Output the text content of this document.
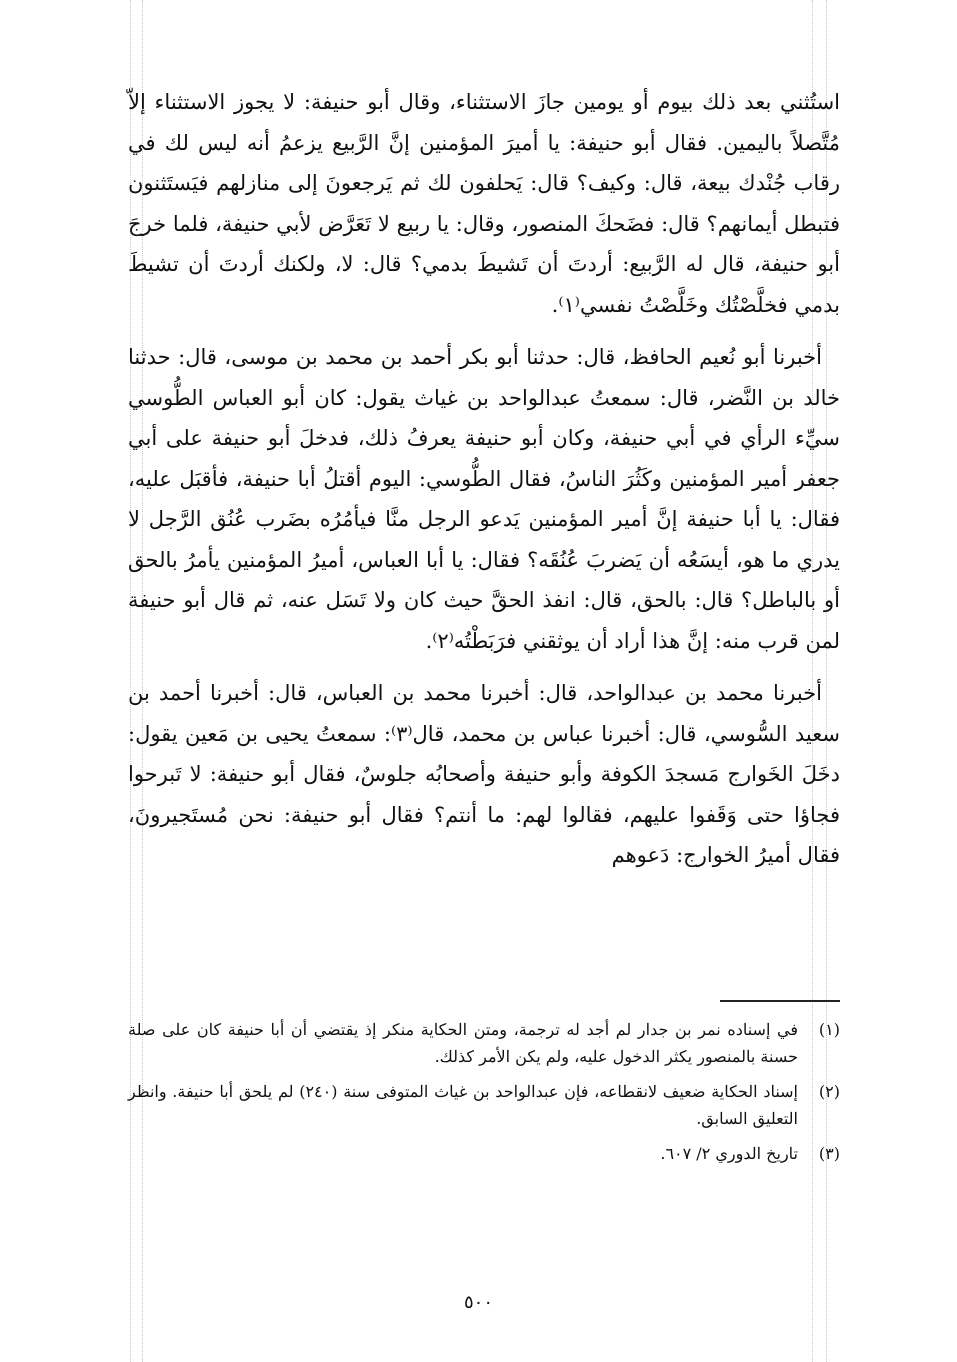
استُثني بعد ذلك بيوم أو يومين جازَ الاستثناء، وقال أبو حنيفة: لا يجوز الاستثناء إلاّ مُتَّصلاً باليمين. فقال أبو حنيفة: يا أميرَ المؤمنين إنَّ الرَّبيع يزعمُ أنه ليس لك في رقاب جُنْدك بيعة، قال: وكيف؟ قال: يَحلفون لك ثم يَرجعونَ إلى منازلهم فيَستَثنون فتبطل أيمانهم؟ قال: فضَحكَ المنصور، وقال: يا ربيع لا تَعَرَّض لأبي حنيفة، فلما خرجَ أبو حنيفة، قال له الرَّبيع: أردتَ أن تَشيطَ بدمي؟ قال: لا، ولكنك أردتَ أن تشيطَ بدمي فخلَّصْتُك وخَلَّصْتُ نفسي⁽١⁾.

أخبرنا أبو نُعيم الحافظ، قال: حدثنا أبو بكر أحمد بن محمد بن موسى، قال: حدثنا خالد بن النَّضر، قال: سمعتُ عبدالواحد بن غياث يقول: كان أبو العباس الطُّوسي سيِّء الرأي في أبي حنيفة، وكان أبو حنيفة يعرفُ ذلك، فدخلَ أبو حنيفة على أبي جعفر أمير المؤمنين وكَثُرَ الناسُ، فقال الطُّوسي: اليوم أقتلُ أبا حنيفة، فأقبَل عليه، فقال: يا أبا حنيفة إنَّ أمير المؤمنين يَدعو الرجل منَّا فيأمُرُه بضَرب عُنُق الرَّجل لا يدري ما هو، أيسَعُه أن يَضربَ عُنُقَه؟ فقال: يا أبا العباس، أميرُ المؤمنين يأمرُ بالحق أو بالباطل؟ قال: بالحق، قال: انفذ الحقَّ حيث كان ولا تَسَل عنه، ثم قال أبو حنيفة لمن قرب منه: إنَّ هذا أراد أن يوثقني فرَبَطْتُه⁽٢⁾.

أخبرنا محمد بن عبدالواحد، قال: أخبرنا محمد بن العباس، قال: أخبرنا أحمد بن سعيد السُّوسي، قال: أخبرنا عباس بن محمد، قال⁽٣⁾: سمعتُ يحيى بن مَعين يقول: دخَلَ الخَوارج مَسجدَ الكوفة وأبو حنيفة وأصحابُه جلوسٌ، فقال أبو حنيفة: لا تَبرحوا فجاؤا حتى وَقَفوا عليهم، فقالوا لهم: ما أنتم؟ فقال أبو حنيفة: نحن مُستَجيرونَ، فقال أميرُ الخوارج: دَعوهم

(١)
في إسناده نمر بن جدار لم أجد له ترجمة، ومتن الحكاية منكر إذ يقتضي أن أبا حنيفة كان على صلة حسنة بالمنصور يكثر الدخول عليه، ولم يكن الأمر كذلك.
(٢)
إسناد الحكاية ضعيف لانقطاعه، فإن عبدالواحد بن غياث المتوفى سنة (٢٤٠) لم يلحق أبا حنيفة. وانظر التعليق السابق.
(٣)
تاريخ الدوري ٢/ ٦٠٧.
٥٠٠
